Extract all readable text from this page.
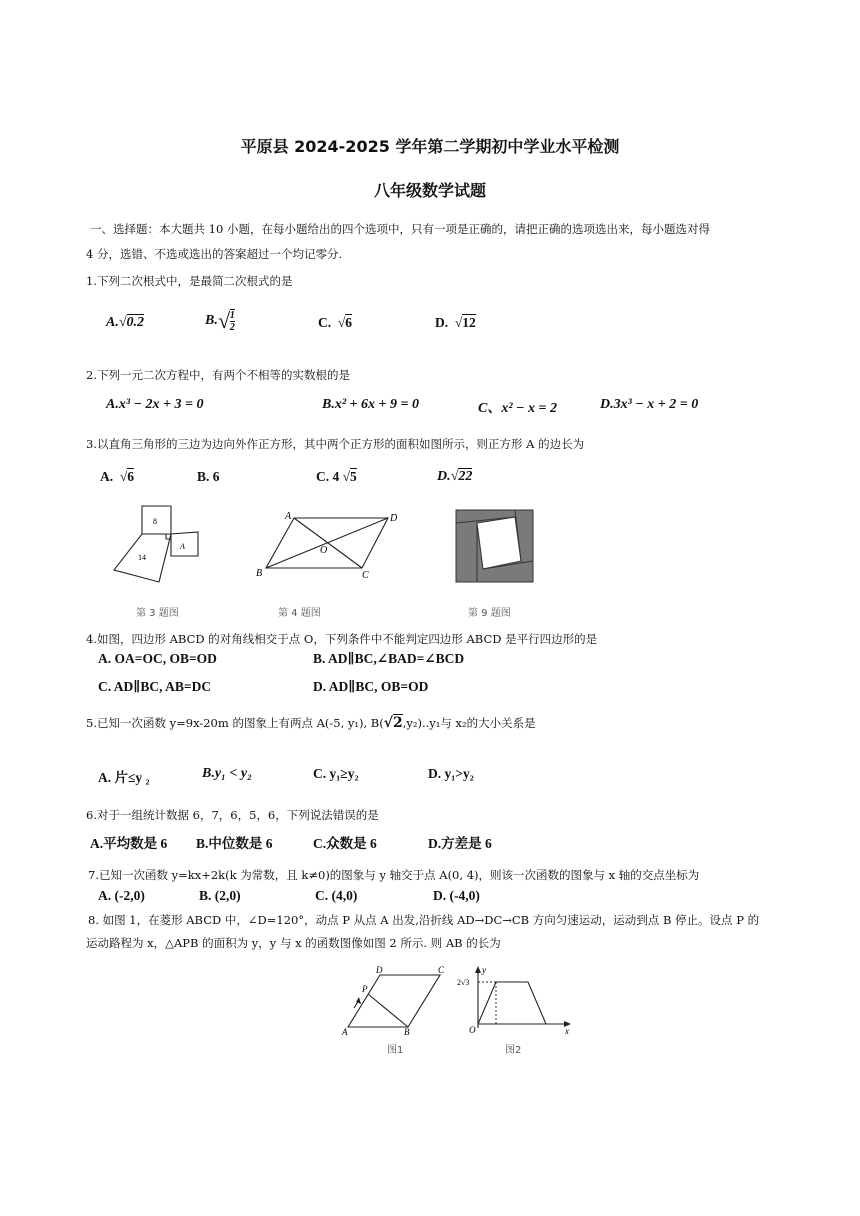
平原县 2024-2025 学年第二学期初中学业水平检测
八年级数学试题
一、选择题：本大题共 10 小题，在每小题给出的四个选项中，只有一项是正确的，请把正确的选项选出来，每小题选对得
4 分，选错、不选或选出的答案超过一个均记零分.
1.下列二次根式中，是最简二次根式的是
A.√0.2	$B.√ \frac{1}{2}$	C. √6	D. √12
2.下列一元二次方程中，有两个不相等的实数根的是
A.x³ − 2x + 3 = 0	B.x² + 6x + 9 = 0	C、x² − x = 2	D.3x³ − x + 2 = 0
3.以直角三角形的三边为边向外作正方形，其中两个正方形的面积如图所示，则正方形 A 的边长为
A. √6	B. 6	C. 4 √5	D.√22
8
14
A
第 3 题图
A	D
O
B	C
第 4 题图	第 9 题图
4.如图，四边形 ABCD 的对角线相交于点 O，下列条件中不能判定四边形 ABCD 是平行四边形的是
A. OA=OC, OB=OD	B. AD∥BC,∠BAD=∠BCD
C. AD∥BC, AB=DC	D. AD∥BC, OB=OD
5.已知一次函数 y=9x-20m 的图象上有两点 A(-5, y₁), B(√2,y₂)..y₁与 x₂的大小关系是
A. 片≤y ₂	B.y₁ < y₂	C. y₁≥y₂	D. y₁>y₂
6.对于一组统计数据 6，7，6，5，6，下列说法错误的是
A.平均数是 6 B.中位数是 6	C.众数是 6	D.方差是 6
7.已知一次函数 y=kx+2k(k 为常数，且 k≠0)的图象与 y 轴交于点 A(0, 4)，则该一次函数的图象与 x 轴的交点坐标为
A. (-2,0)	B. (2,0)	C. (4,0)	D. (-4,0)
8. 如图 1，在菱形 ABCD 中，∠D=120°，动点 P 从点 A 出发,沿折线 AD→DC→CB 方向匀速运动，运动到点 B 停止。设点 P 的
运动路程为 x，△APB 的面积为 y，y 与 x 的函数图像如图 2 所示. 则 AB 的长为
D	C
P
A	B
图1
y
2√3
O	x
图2
